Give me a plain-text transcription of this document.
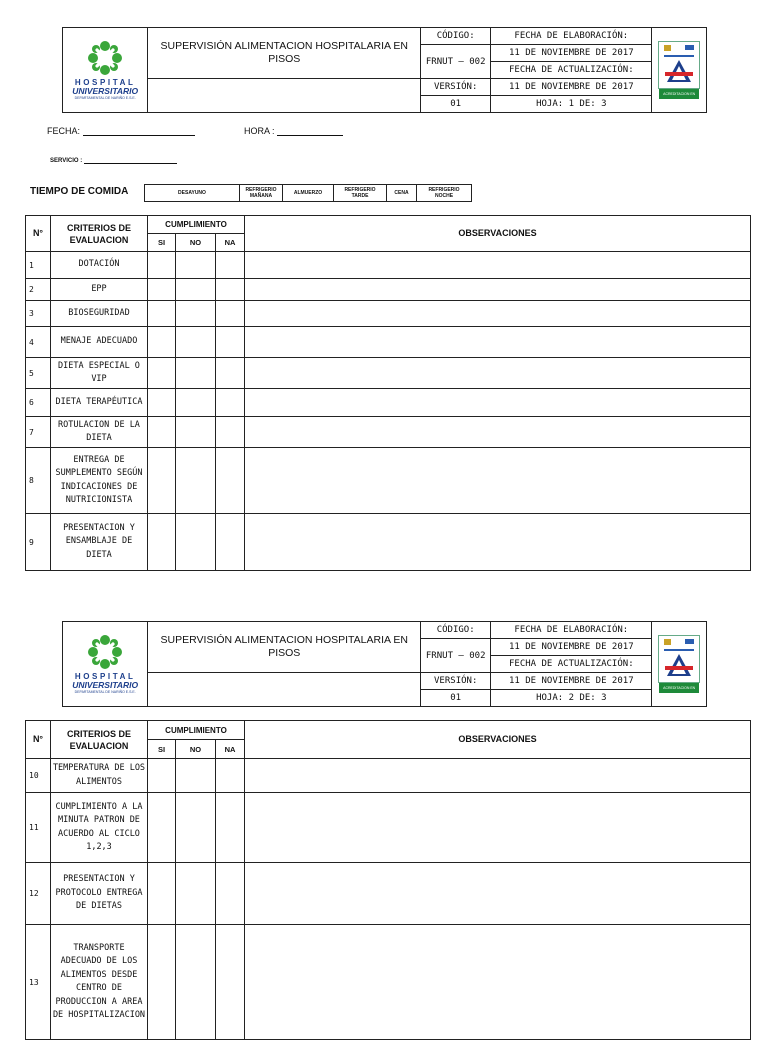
HOSPITAL
UNIVERSITARIO
DEPARTAMENTAL DE NARIÑO E.S.E.	SUPERVISIÓN ALIMENTACION HOSPITALARIA EN PISOS	CÓDIGO:	FECHA DE ELABORACIÓN:	ACREDITACION EN SALUD

		FRNUT – 002	11 DE NOVIEMBRE DE 2017	
			FECHA DE ACTUALIZACIÓN:	
		VERSIÓN:	11 DE NOVIEMBRE DE 2017	
		01	HOJA: 1 DE: 3	
FECHA:	HORA :
SERVICIO :
TIEMPO DE COMIDA	DESAYUNO	REFRIGERIO MAÑANA	ALMUERZO	REFRIGERIO TARDE	CENA	REFRIGERIO NOCHE
N°	CRITERIOS DE EVALUACION	CUMPLIMIENTO			OBSERVACIONES
		SI	NO	NA	
1	DOTACIÓN				
2	EPP				
3	BIOSEGURIDAD				
4	MENAJE ADECUADO				
5	DIETA ESPECIAL O VIP				
6	DIETA TERAPÉUTICA				
7	ROTULACION DE LA DIETA				
8	ENTREGA DE SUMPLEMENTO SEGÚN INDICACIONES DE NUTRICIONISTA				
9	PRESENTACION Y ENSAMBLAJE DE DIETA				
HOSPITAL
UNIVERSITARIO
DEPARTAMENTAL DE NARIÑO E.S.E.	SUPERVISIÓN ALIMENTACION HOSPITALARIA EN PISOS	CÓDIGO:	FECHA DE ELABORACIÓN:	ACREDITACION EN SALUD

		FRNUT – 002	11 DE NOVIEMBRE DE 2017	
			FECHA DE ACTUALIZACIÓN:	
		VERSIÓN:	11 DE NOVIEMBRE DE 2017	
		01	HOJA: 2 DE: 3	
N°	CRITERIOS DE EVALUACION	CUMPLIMIENTO			OBSERVACIONES
		SI	NO	NA	
10	TEMPERATURA DE LOS ALIMENTOS				
11	CUMPLIMIENTO A LA MINUTA PATRON DE ACUERDO AL CICLO 1,2,3				
12	PRESENTACION Y PROTOCOLO ENTREGA DE DIETAS				
13	TRANSPORTE ADECUADO DE LOS ALIMENTOS DESDE CENTRO DE PRODUCCION A AREA DE HOSPITALIZACION				
